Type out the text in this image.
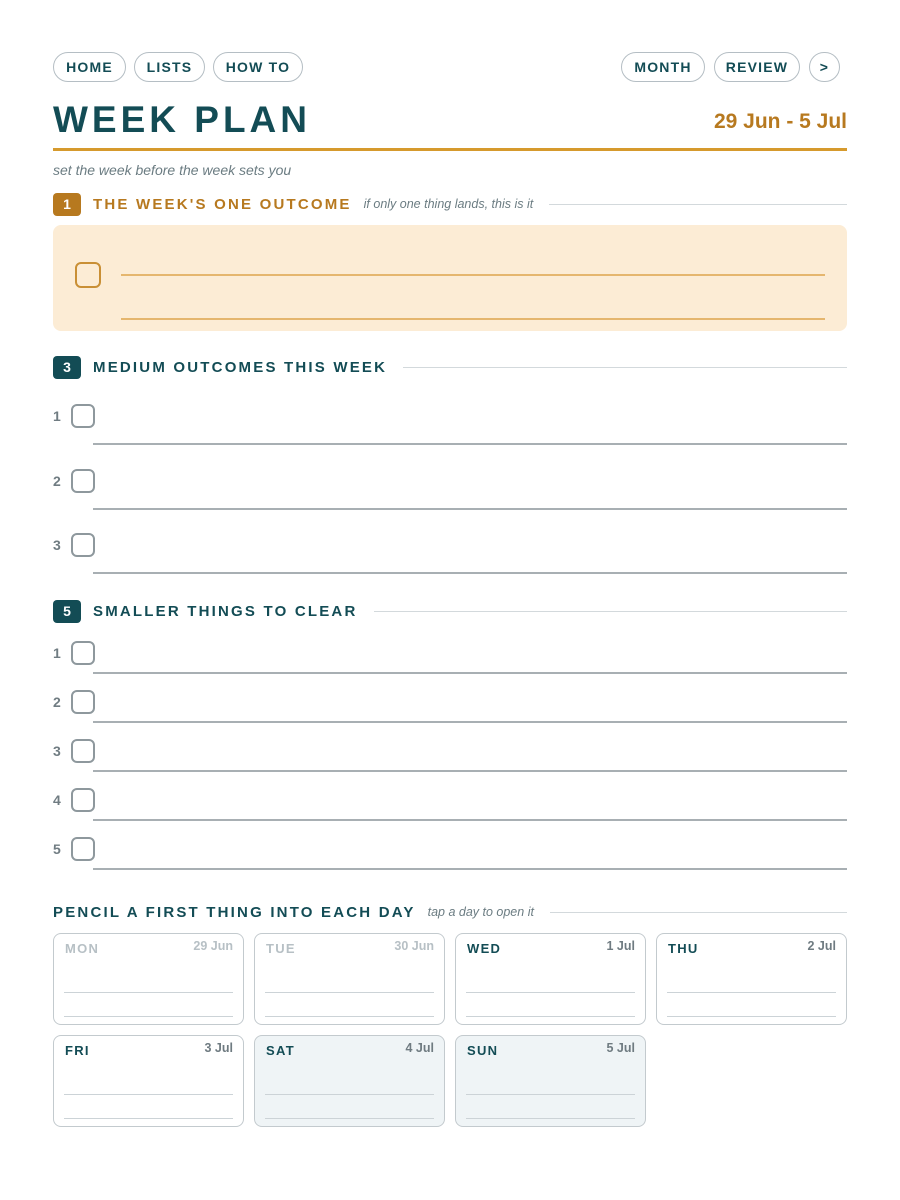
HOME	LISTS	HOW TO	MONTH	REVIEW	>
WEEK PLAN	29 Jun - 5 Jul
set the week before the week sets you
1	THE WEEK'S ONE OUTCOME if only one thing lands, this is it
3	MEDIUM OUTCOMES THIS WEEK
1
2
3
5	SMALLER THINGS TO CLEAR
1
2
3
4
5
PENCIL A FIRST THING INTO EACH DAY tap a day to open it
MON	29 Jun	TUE	30 Jun	WED	1 Jul	THU	2 Jul
FRI	3 Jul	SAT	4 Jul	SUN	5 Jul
